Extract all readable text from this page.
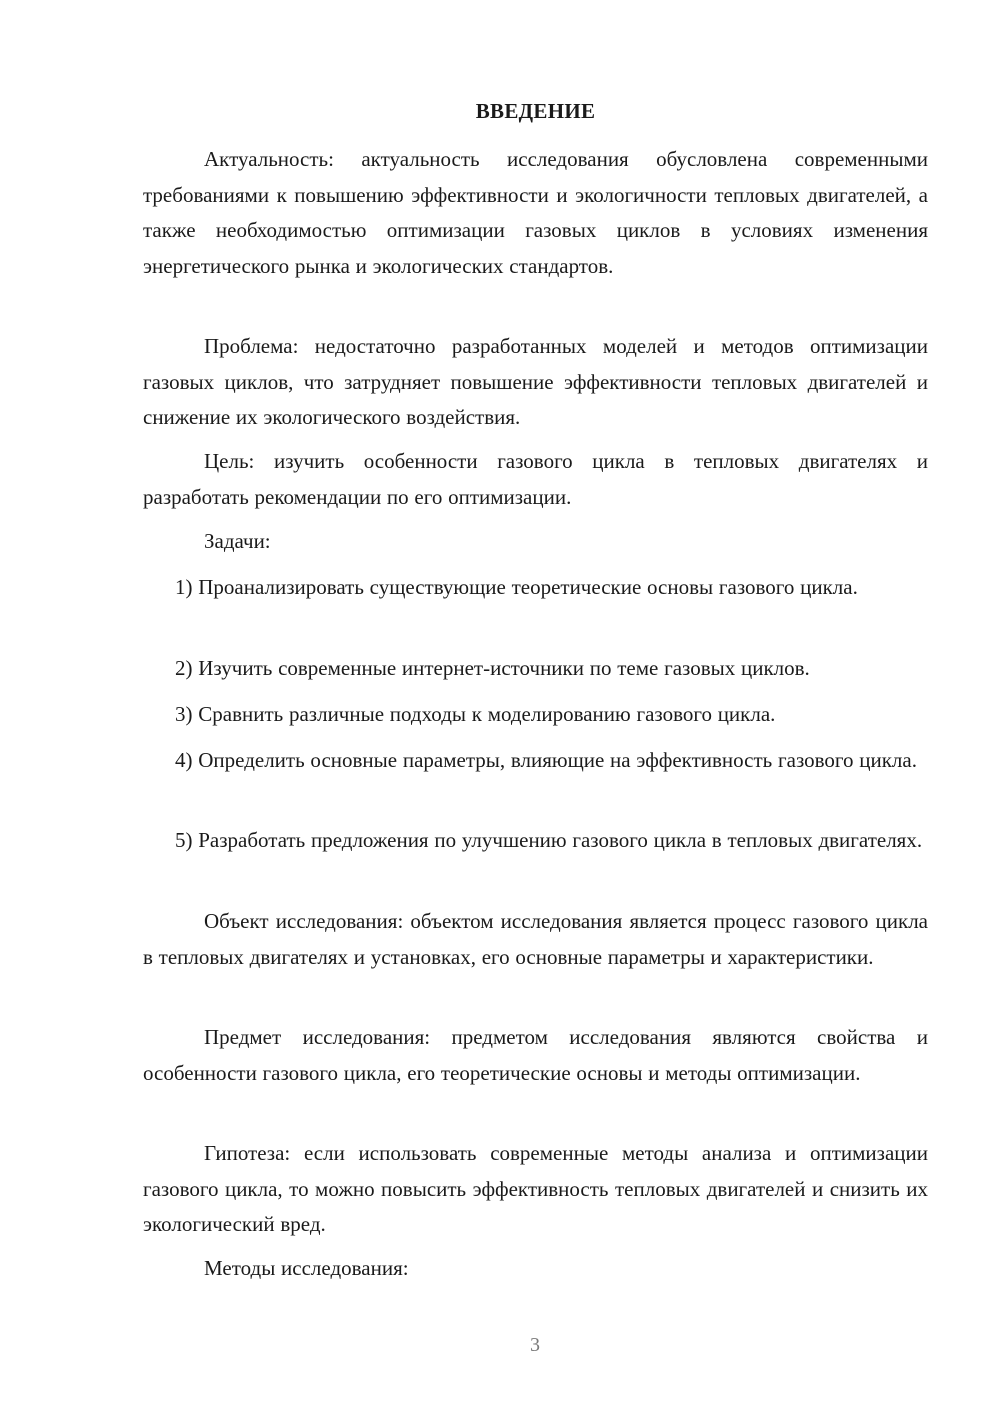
ВВЕДЕНИЕ

Актуальность: актуальность исследования обусловлена современными требованиями к повышению эффективности и экологичности тепловых двигателей, а также необходимостью оптимизации газовых циклов в условиях изменения энергетического рынка и экологических стандартов.

Проблема: недостаточно разработанных моделей и методов оптимизации газовых циклов, что затрудняет повышение эффективности тепловых двигателей и снижение их экологического воздействия.

Цель: изучить особенности газового цикла в тепловых двигателях и разработать рекомендации по его оптимизации.

Задачи:

1) Проанализировать существующие теоретические основы газового цикла.

2) Изучить современные интернет-источники по теме газовых циклов.

3) Сравнить различные подходы к моделированию газового цикла.

4) Определить основные параметры, влияющие на эффективность газового цикла.

5) Разработать предложения по улучшению газового цикла в тепловых двигателях.

Объект исследования: объектом исследования является процесс газового цикла в тепловых двигателях и установках, его основные параметры и характеристики.

Предмет исследования: предметом исследования являются свойства и особенности газового цикла, его теоретические основы и методы оптимизации.

Гипотеза: если использовать современные методы анализа и оптимизации газового цикла, то можно повысить эффективность тепловых двигателей и снизить их экологический вред.

Методы исследования:

3
